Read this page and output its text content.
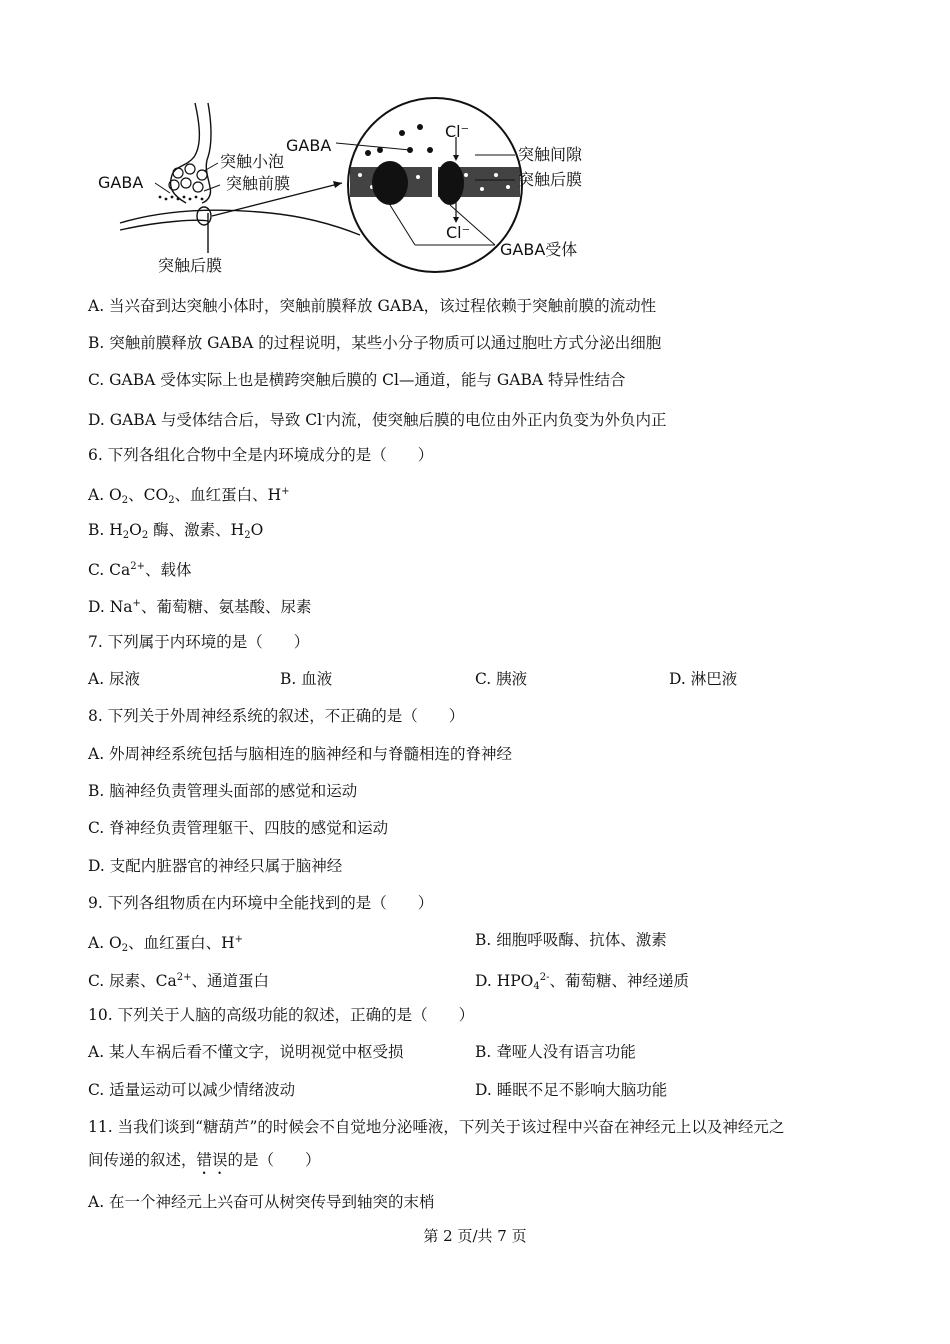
GABA
突触小泡
突触前膜
突触后膜
GABA
Cl⁻
突触间隙
突触后膜
Cl⁻
GABA受体
A. 当兴奋到达突触小体时，突触前膜释放 GABA，该过程依赖于突触前膜的流动性
B. 突触前膜释放 GABA 的过程说明，某些小分子物质可以通过胞吐方式分泌出细胞
C. GABA 受体实际上也是横跨突触后膜的 Cl—通道，能与 GABA 特异性结合
D. GABA 与受体结合后，导致 Cl-内流，使突触后膜的电位由外正内负变为外负内正
6. 下列各组化合物中全是内环境成分的是（　　）
A. $O_2$、$CO_2$、血红蛋白、H+
B. $H_2O_2$ 酶、激素、$H_2O$
C. $Ca^{2+}$、载体
D. Na+、葡萄糖、氨基酸、尿素
7. 下列属于内环境的是（　　）
A. 尿液	B. 血液	C. 胰液	D. 淋巴液
8. 下列关于外周神经系统的叙述，不正确的是（　　）
A. 外周神经系统包括与脑相连的脑神经和与脊髓相连的脊神经
B. 脑神经负责管理头面部的感觉和运动
C. 脊神经负责管理躯干、四肢的感觉和运动
D. 支配内脏器官的神经只属于脑神经
9. 下列各组物质在内环境中全能找到的是（　　）
A. $O_2$、血红蛋白、H+	B. 细胞呼吸酶、抗体、激素
C. 尿素、$Ca^{2+}$、通道蛋白	D. $HPO_4^{2-}$、葡萄糖、神经递质
10. 下列关于人脑的高级功能的叙述，正确的是（　　）
A. 某人车祸后看不懂文字，说明视觉中枢受损	B. 聋哑人没有语言功能
C. 适量运动可以减少情绪波动	D. 睡眠不足不影响大脑功能
11. 当我们谈到“糖葫芦”的时候会不自觉地分泌唾液，下列关于该过程中兴奋在神经元上以及神经元之
间传递的叙述，错误的是（　　）
A. 在一个神经元上兴奋可从树突传导到轴突的末梢
第 2 页/共 7 页
